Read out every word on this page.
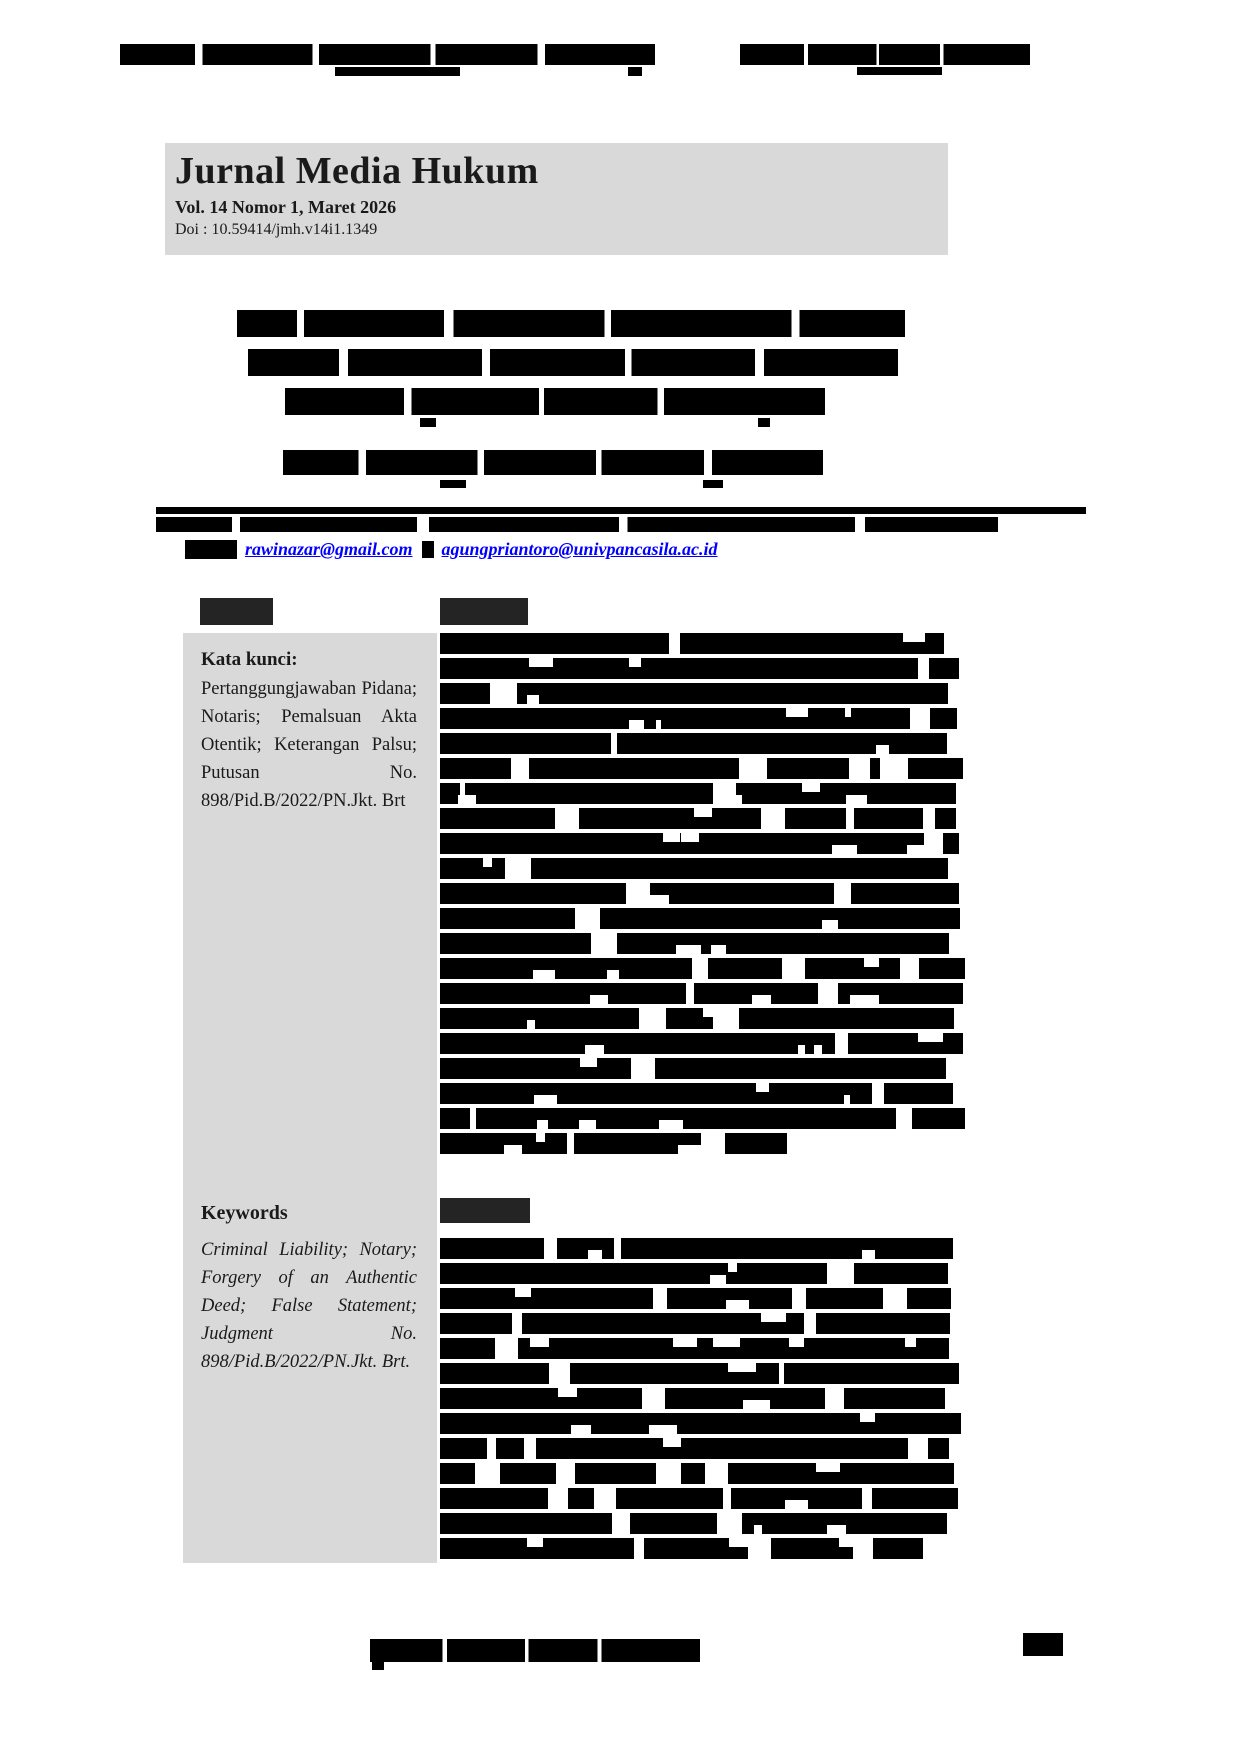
Jurnal Media Hukum
Vol. 14 Nomor 1, Maret 2026
Doi : 10.59414/jmh.v14i1.1349
rawinazar@gmail.com agungpriantoro@univpancasila.ac.id
Kata kunci:
Pertanggungjawaban Pidana; Notaris; Pemalsuan Akta Otentik; Keterangan Palsu; Putusan No. 898/Pid.B/2022/PN.Jkt. Brt
Keywords
Criminal Liability; Notary; Forgery of an Authentic Deed; False Statement; Judgment No. 898/Pid.B/2022/PN.Jkt. Brt.
